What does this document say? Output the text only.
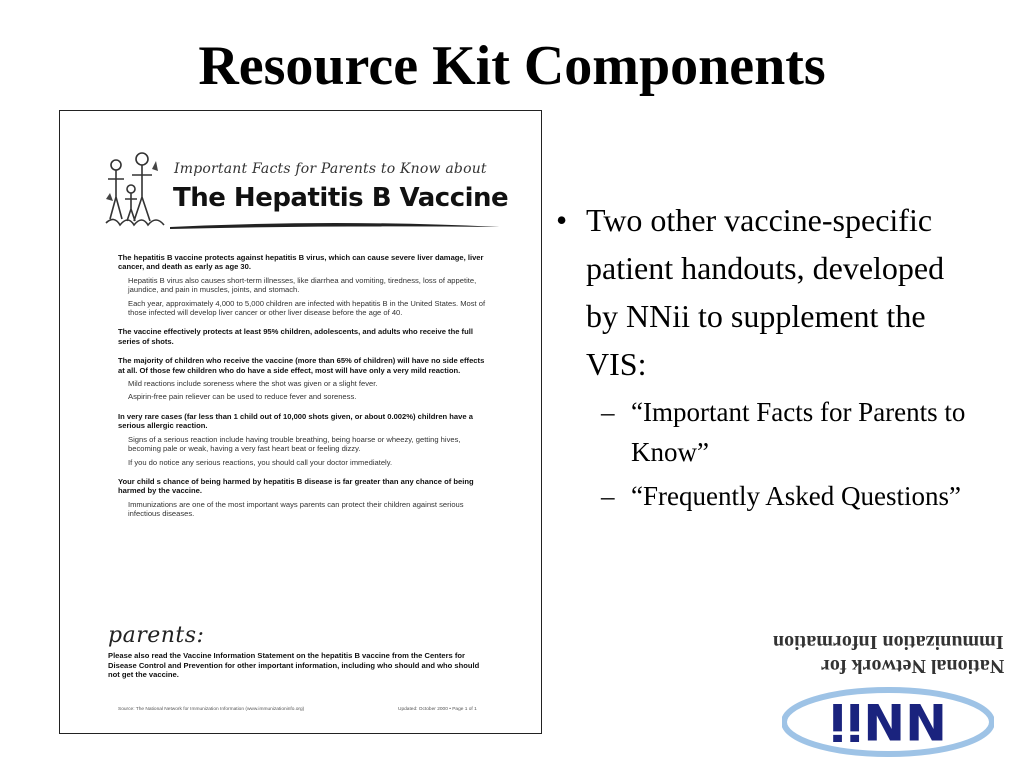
Resource Kit Components
Important Facts for Parents to Know about
The Hepatitis B Vaccine

The hepatitis B vaccine protects against hepatitis B virus, which can cause severe liver damage, liver cancer, and death as early as age 30.

Hepatitis B virus also causes short-term illnesses, like diarrhea and vomiting, tiredness, loss of appetite, jaundice, and pain in muscles, joints, and stomach.

Each year, approximately 4,000 to 5,000 children are infected with hepatitis B in the United States. Most of those infected will develop liver cancer or other liver disease before the age of 40.

The vaccine effectively protects at least 95% children, adolescents, and adults who receive the full series of shots.

The majority of children who receive the vaccine (more than 65% of children) will have no side effects at all. Of those few children who do have a side effect, most will have only a very mild reaction.

Mild reactions include soreness where the shot was given or a slight fever.

Aspirin-free pain reliever can be used to reduce fever and soreness.

In very rare cases (far less than 1 child out of 10,000 shots given, or about 0.002%) children have a serious allergic reaction.

Signs of a serious reaction include having trouble breathing, being hoarse or wheezy, getting hives, becoming pale or weak, having a very fast heart beat or feeling dizzy.

If you do notice any serious reactions, you should call your doctor immediately.

Your child s chance of being harmed by hepatitis B disease is far greater than any chance of being harmed by the vaccine.

Immunizations are one of the most important ways parents can protect their children against serious infectious diseases.

parents:
Please also read the Vaccine Information Statement on the hepatitis B vaccine from the Centers for Disease Control and Prevention for other important information, including who should and who should not get the vaccine.
Source: The National Network for Immunization Information (www.immunizationinfo.org)	Updated: October 2000 • Page 1 of 1
• Two other vaccine-specific patient handouts, developed by NNii to supplement the VIS:
– “Important Facts for Parents to Know”
– “Frequently Asked Questions”
Immunization Information
National Network for
NNii
